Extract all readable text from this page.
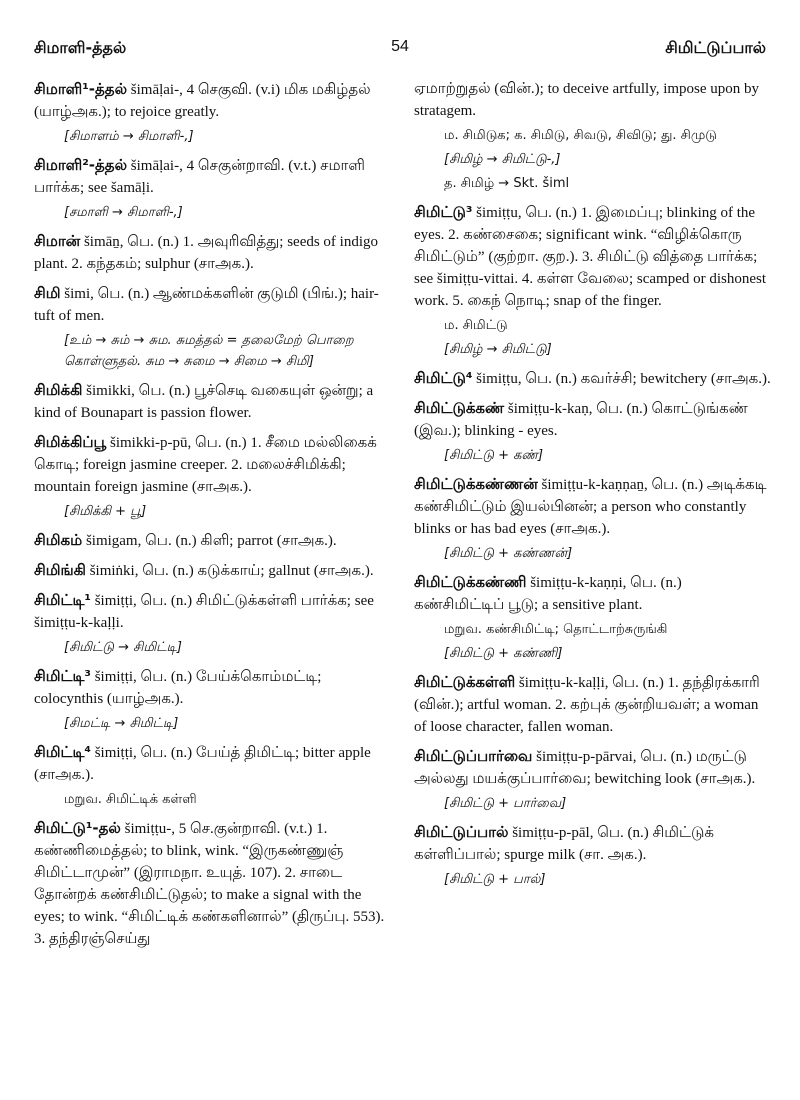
சிமாளி-த்தல்	54	சிமிட்டுப்பால்
சிமாளி¹-த்தல் šimāḷai-, 4 செகுவி. (v.i) மிக மகிழ்தல் (யாழ்அக.); to rejoice greatly.
[சிமாளம் → சிமாளி-,]
சிமாளி²-த்தல் šimāḷai-, 4 செகுன்றாவி. (v.t.) சமாளி பார்க்க; see šamāḷi.
[சமாளி → சிமாளி-,]
சிமான் šimāṉ, பெ. (n.) 1. அவுரிவித்து; seeds of indigo plant. 2. கந்தகம்; sulphur (சாஅக.).
சிமி šimi, பெ. (n.) ஆண்மக்களின் குடுமி (பிங்.); hair-tuft of men.
[உம் → சும் → சும. சுமத்தல் = தலைமேற் பொறை கொள்ளுதல். சும → சுமை → சிமை → சிமி]
சிமிக்கி šimikki, பெ. (n.) பூச்செடி வகையுள் ஒன்று; a kind of Bounapart is passion flower.
சிமிக்கிப்பூ šimikki-p-pū, பெ. (n.) 1. சீமை மல்லிகைக் கொடி; foreign jasmine creeper. 2. மலைச்சிமிக்கி; mountain foreign jasmine (சாஅக.).
[சிமிக்கி + பூ]
சிமிகம் šimigam, பெ. (n.) கிளி; parrot (சாஅக.).
சிமிங்கி šimiṅki, பெ. (n.) கடுக்காய்; gallnut (சாஅக.).
சிமிட்டி¹ šimiṭṭi, பெ. (n.) சிமிட்டுக்கள்ளி பார்க்க; see šimiṭṭu-k-kaḷḷi.
[சிமிட்டு → சிமிட்டி]
சிமிட்டி³ šimiṭṭi, பெ. (n.) பேய்க்கொம்மட்டி; colocynthis (யாழ்அக.).
[சிமட்டி → சிமிட்டி]
சிமிட்டி⁴ šimiṭṭi, பெ. (n.) பேய்த் திமிட்டி; bitter apple (சாஅக.).
மறுவ. சிமிட்டிக் கள்ளி
சிமிட்டு¹-தல் šimiṭṭu-, 5 செ.குன்றாவி. (v.t.) 1. கண்ணிமைத்தல்; to blink, wink. “இருகண்ணுஞ் சிமிட்டாமுன்” (இராமநா. உயுத். 107). 2. சாடை தோன்றக் கண்சிமிட்டுதல்; to make a signal with the eyes; to wink. “சிமிட்டிக் கண்களினால்” (திருப்பு. 553). 3. தந்திரஞ்செய்து
ஏமாற்றுதல் (வின்.); to deceive artfully, impose upon by stratagem.
ம. சிமிடுக; க. சிமிடு, சிவடு, சிவிடு; து. சிமுடு
[சிமிழ் → சிமிட்டு-,]
த. சிமிழ் → Skt. šiml
சிமிட்டு³ šimiṭṭu, பெ. (n.) 1. இமைப்பு; blinking of the eyes. 2. கண்சைகை; significant wink. “விழிக்கொரு சிமிட்டும்” (குற்றா. குற.). 3. சிமிட்டு வித்தை பார்க்க; see šimiṭṭu-vittai. 4. கள்ள வேலை; scamped or dishonest work. 5. கைந் நொடி; snap of the finger.
ம. சிமிட்டு
[சிமிழ் → சிமிட்டு]
சிமிட்டு⁴ šimiṭṭu, பெ. (n.) கவர்ச்சி; bewitchery (சாஅக.).
சிமிட்டுக்கண் šimiṭṭu-k-kaṇ, பெ. (n.) கொட்டுங்கண் (இவ.); blinking - eyes.
[சிமிட்டு + கண்]
சிமிட்டுக்கண்ணன் šimiṭṭu-k-kaṇṇaṉ, பெ. (n.) அடிக்கடி கண்சிமிட்டும் இயல்பினன்; a person who constantly blinks or has bad eyes (சாஅக.).
[சிமிட்டு + கண்ணன்]
சிமிட்டுக்கண்ணி šimiṭṭu-k-kaṇṇi, பெ. (n.) கண்சிமிட்டிப் பூடு; a sensitive plant.
மறுவ. கண்சிமிட்டி; தொட்டாற்சுருங்கி
[சிமிட்டு + கண்ணி]
சிமிட்டுக்கள்ளி šimiṭṭu-k-kaḷḷi, பெ. (n.) 1. தந்திரக்காரி (வின்.); artful woman. 2. கற்புக் குன்றியவள்; a woman of loose character, fallen woman.
சிமிட்டுப்பார்வை šimiṭṭu-p-pārvai, பெ. (n.) மருட்டு அல்லது மயக்குப்பார்வை; bewitching look (சாஅக.).
[சிமிட்டு + பார்வை]
சிமிட்டுப்பால் šimiṭṭu-p-pāl, பெ. (n.) சிமிட்டுக் கள்ளிப்பால்; spurge milk (சா. அக.).
[சிமிட்டு + பால்]
